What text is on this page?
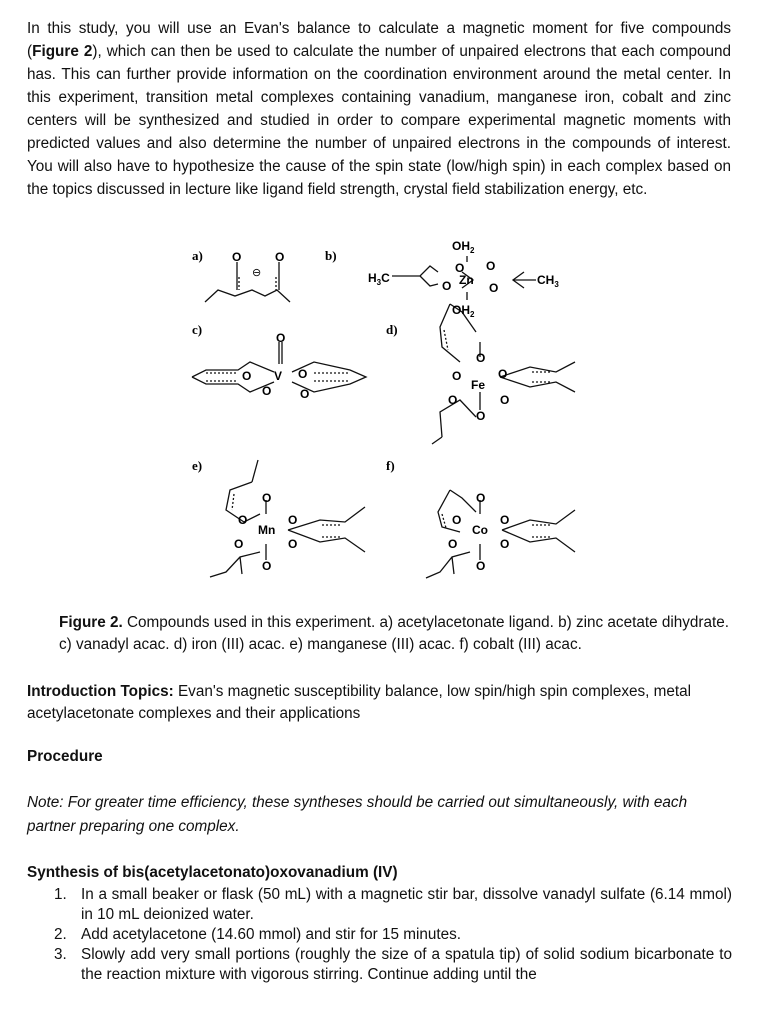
In this study, you will use an Evan's balance to calculate a magnetic moment for five compounds (Figure 2), which can then be used to calculate the number of unpaired electrons that each compound has. This can further provide information on the coordination environment around the metal center. In this experiment, transition metal complexes containing vanadium, manganese iron, cobalt and zinc centers will be synthesized and studied in order to compare experimental magnetic moments with predicted values and also determine the number of unpaired electrons in the compounds of interest. You will also have to hypothesize the cause of the spin state (low/high spin) in each complex based on the topics discussed in lecture like ligand field strength, crystal field stabilization energy, etc.

a)	b)
c)	d)
e)	f)
O	O
⊖	$H_3C$
$OH_2$
O
Zn
O
O	O
$OH_2$
$CH_3$
O
O V O
O O
O
O
Fe
O
O	O
O
O
O
Mn
O
O	O
O
O
O
Co
O
O	O
O

Figure 2. Compounds used in this experiment. a) acetylacetonate ligand. b) zinc acetate dihydrate. c) vanadyl acac. d) iron (III) acac. e) manganese (III) acac. f) cobalt (III) acac.

Introduction Topics: Evan's magnetic susceptibility balance, low spin/high spin complexes, metal acetylacetonate complexes and their applications

Procedure

Note: For greater time efficiency, these syntheses should be carried out simultaneously, with each partner preparing one complex.

Synthesis of bis(acetylacetonato)oxovanadium (IV)

1. In a small beaker or flask (50 mL) with a magnetic stir bar, dissolve vanadyl sulfate (6.14 mmol) in 10 mL deionized water.
2. Add acetylacetone (14.60 mmol) and stir for 15 minutes.
3. Slowly add very small portions (roughly the size of a spatula tip) of solid sodium bicarbonate to the reaction mixture with vigorous stirring. Continue adding until the
